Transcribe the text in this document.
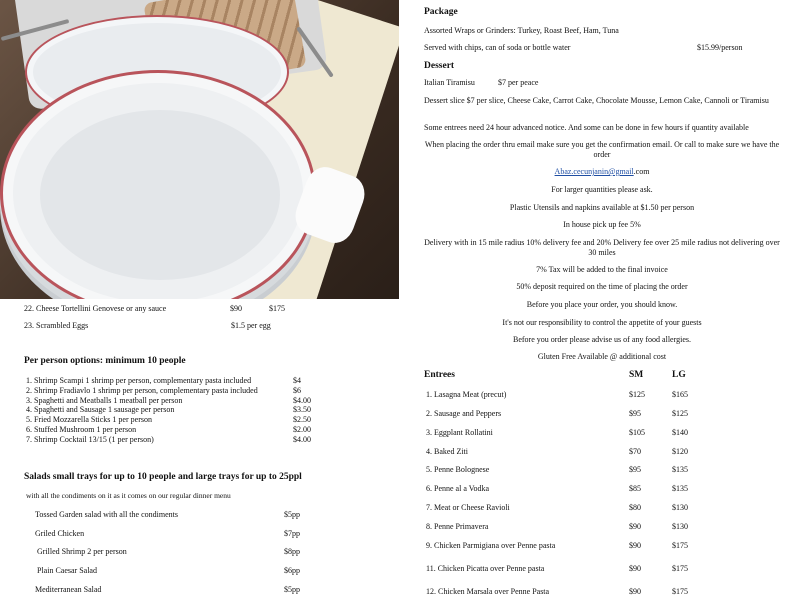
22. Cheese Tortellini Genovese or any sauce	$90	$175
23. Scrambled Eggs	$1.5 per egg
Per person options: minimum 10 people
1. Shrimp Scampi 1 shrimp per person, complementary pasta included	$4
2. Shrimp Fradiavlo 1 shrimp per person, complementary pasta included	$6
3. Spaghetti and Meatballs 1 meatball per person	$4.00
4. Spaghetti and Sausage 1 sausage per person	$3.50
5. Fried Mozzarella Sticks 1 per person	$2.50
6. Stuffed Mushroom 1 per person	$2.00
7. Shrimp Cocktail 13/15 (1 per person)	$4.00
Salads small trays for up to 10 people and large trays for up to 25ppl
with all the condiments on it as it comes on our regular dinner menu
Tossed Garden salad with all the condiments	$5pp
Griled Chicken	$7pp
Grilled Shrimp 2 per person	$8pp
Plain Caesar Salad	$6pp
Mediterranean Salad	$5pp
Package
Assorted Wraps or Grinders: Turkey, Roast Beef, Ham, Tuna
Served with chips, can of soda or bottle water	$15.99/person
Dessert
Italian Tiramisu	$7 per peace
Dessert slice $7 per slice, Cheese Cake, Carrot Cake, Chocolate Mousse, Lemon Cake, Cannoli or Tiramisu
Some entrees need 24 hour advanced notice. And some can be done in few hours if quantity available
When placing the order thru email make sure you get the confirmation email. Or call to make sure we have the order
Abaz.cecunjanin@gmail.com
For larger quantities please ask.
Plastic Utensils and napkins available at $1.50 per person
In house pick up fee 5%
Delivery with in 15 mile radius 10% delivery fee and 20% Delivery fee over 25 mile radius not delivering over 30 miles
7% Tax will be added to the final invoice
50% deposit required on the time of placing the order
Before you place your order, you should know.
It's not our responsibility to control the appetite of your guests
Before you order please advise us of any food allergies.
Gluten Free Available @ additional cost
Entrees	SM	LG
1. Lasagna Meat (precut)	$125	$165
2. Sausage and Peppers	$95	$125
3. Eggplant Rollatini	$105	$140
4. Baked Ziti	$70	$120
5. Penne Bolognese	$95	$135
6. Penne al a Vodka	$85	$135
7. Meat or Cheese Ravioli	$80	$130
8. Penne Primavera	$90	$130
9. Chicken Parmigiana over Penne pasta	$90	$175
11. Chicken Picatta over Penne pasta	$90	$175
12. Chicken Marsala over Penne Pasta	$90	$175
